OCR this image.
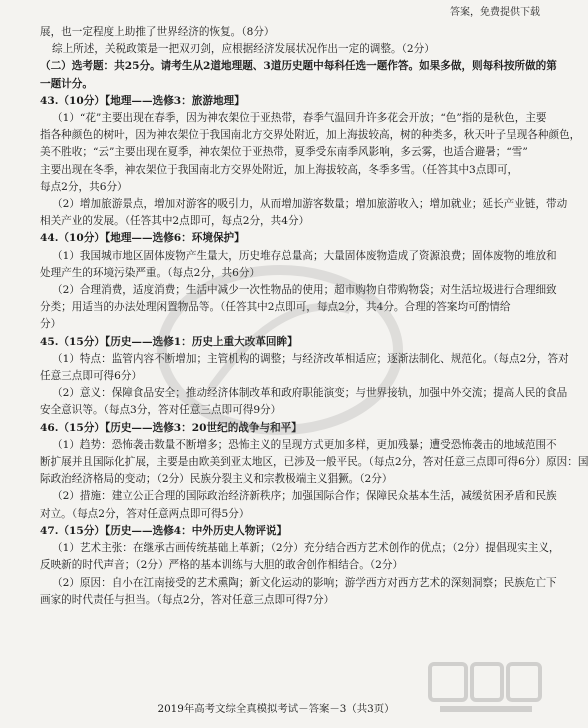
答案，免费提供下载
展，也一定程度上助推了世界经济的恢复。（8分）
综上所述，关税政策是一把双刃剑，应根据经济发展状况作出一定的调整。（2分）
（二）选考题：共25分。请考生从2道地理题、3道历史题中每科任选一题作答。如果多做，则每科按所做的第
一题计分。
43.（10分）【地理——选修3：旅游地理】
（1）“花”主要出现在春季，因为神农架位于亚热带，春季气温回升许多花会开放；“色”指的是秋色，主要
指各种颜色的树叶，因为神农架位于我国南北方交界处附近，加上海拔较高，树的种类多，秋天叶子呈现各种颜色，
美不胜收；“云”主要出现在夏季，神农架位于亚热带，夏季受东南季风影响，多云雾，也适合避暑；“雪”
主要出现在冬季，神农架位于我国南北方交界处附近，加上海拔较高，冬季多雪。（任答其中3点即可，
每点2分，共6分）
（2）增加旅游景点，增加对游客的吸引力，从而增加游客数量；增加旅游收入；增加就业；延长产业链，带动
相关产业的发展。（任答其中2点即可，每点2分，共4分）
44.（10分）【地理——选修6：环境保护】
（1）我国城市地区固体废物产生量大，历史堆存总量高；大量固体废物造成了资源浪费；固体废物的堆放和
处理产生的环境污染严重。（每点2分，共6分）
（2）合理消费，适度消费；生活中减少一次性物品的使用；超市购物自带购物袋；对生活垃圾进行合理细致
分类；用适当的办法处理闲置物品等。（任答其中2点即可，每点2分，共4分。合理的答案均可酌情给
分）
45.（15分）【历史——选修1：历史上重大改革回眸】
（1）特点：监管内容不断增加；主管机构的调整；与经济改革相适应；逐渐法制化、规范化。（每点2分，答对
任意三点即可得6分）
（2）意义：保障食品安全；推动经济体制改革和政府职能演变；与世界接轨，加强中外交流；提高人民的食品
安全意识等。（每点3分，答对任意三点即可得9分）
46.（15分）【历史——选修3：20世纪的战争与和平】
（1）趋势：恐怖袭击数量不断增多；恐怖主义的呈现方式更加多样，更加残暴；遭受恐怖袭击的地域范围不
断扩展并且国际化扩展，主要是由欧美到亚太地区，已涉及一般平民。（每点2分，答对任意三点即可得6分）原因：国
际政治经济格局的变动；（2分）民族分裂主义和宗教极端主义猖獗。（2分）
（2）措施：建立公正合理的国际政治经济新秩序；加强国际合作；保障民众基本生活，减缓贫困矛盾和民族
对立。（每点2分，答对任意两点即可得5分）
47.（15分）【历史——选修4：中外历史人物评说】
（1）艺术主张：在继承古画传统基础上革新；（2分）充分结合西方艺术创作的优点；（2分）提倡现实主义，
反映新的时代声音；（2分）严格的基本训练与大胆的敢舍创作相结合。（2分）
（2）原因：自小在江南接受的艺术熏陶；新文化运动的影响；游学西方对西方艺术的深刻洞察；民族危亡下
画家的时代责任与担当。（每点2分，答对任意三点即可得7分）
2019年高考文综全真模拟考试－答案－3（共3页）
